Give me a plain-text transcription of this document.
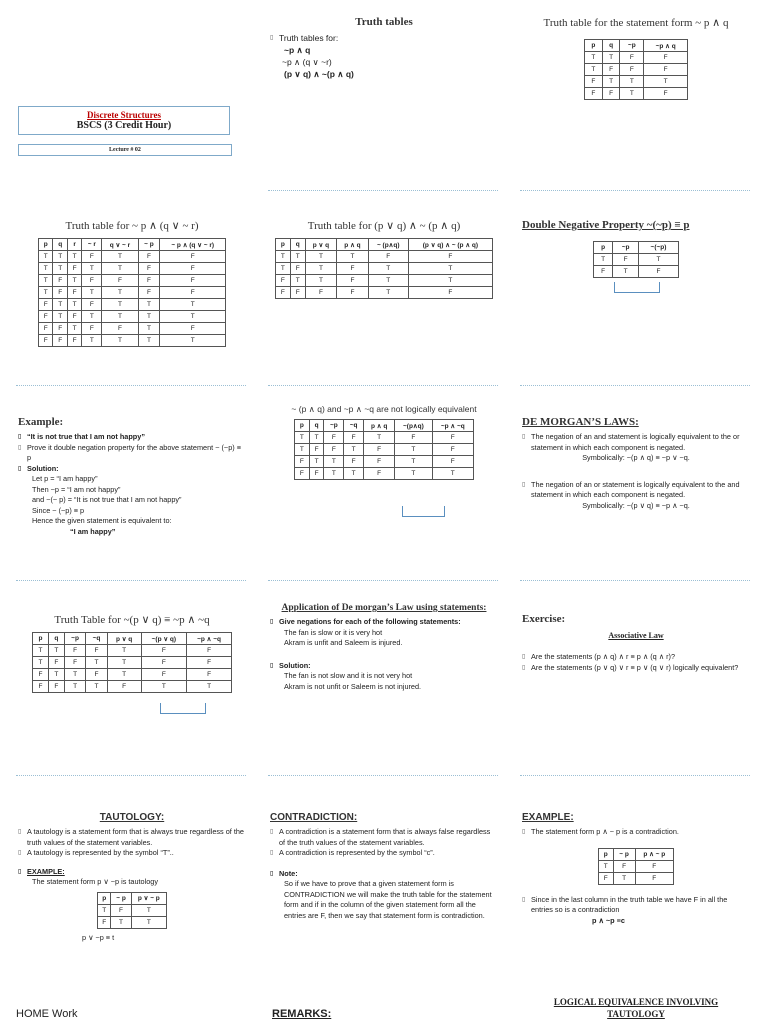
Discrete Structures
BSCS (3 Credit Hour)
Lecture # 02
Truth tables
▯ Truth tables for:
~p ∧ q
~p ∧ (q ∨ ~r)
(p ∨ q) ∧ ~(p ∧ q)
Truth table for the statement form ~ p ∧ q
p	q	~p	~p ∧ q
T	T	F	F
T	F	F	F
F	T	T	T
F	F	T	F
Truth table for ~ p ∧ (q ∨ ~ r)
p	q	r	~ r	q ∨ ~ r	~ p	~ p ∧ (q ∨ ~ r)
T	T	T	F	T	F	F
T	T	F	T	T	F	F
T	F	T	F	F	F	F
T	F	F	T	T	F	F
F	T	T	F	T	T	T
F	T	F	T	T	T	T
F	F	T	F	F	T	F
F	F	F	T	T	T	T
Truth table for (p ∨ q) ∧ ~ (p ∧ q)
p	q	p ∨ q	p ∧ q	~ (p∧q)	(p ∨ q) ∧ ~ (p ∧ q)
T	T	T	T	F	F
T	F	T	F	T	T
F	T	T	F	T	T
F	F	F	F	T	F
Double Negative Property ~(~p) ≡ p
p	~p	~(~p)
T	F	T
F	T	F
Example:
▯ “It is not true that I am not happy”
▯ Prove it double negation property for the above statement ~ (~p) ≡ p
▯ Solution:
Let p = “I am happy”
Then ~p = “I am not happy”
and ~(~ p) = “It is not true that I am not happy”
Since ~ (~p) ≡ p
Hence the given statement is equivalent to:
“I am happy”
~ (p ∧ q) and ~p ∧ ~q are not logically equivalent
p	q	~p	~q	p ∧ q	~(p∧q)	~p ∧ ~q
T	T	F	F	T	F	F
T	F	F	T	F	T	F
F	T	T	F	F	T	F
F	F	T	T	F	T	T
DE MORGAN’S LAWS:
▯ The negation of an and statement is logically equivalent to the or statement in which each component is negated.
Symbolically: ~(p ∧ q) ≡ ~p ∨ ~q.
▯ The negation of an or statement is logically equivalent to the and statement in which each component is negated.
Symbolically: ~(p ∨ q) ≡ ~p ∧ ~q.
Truth Table for ~(p ∨ q) ≡ ~p ∧ ~q
p	q	~p	~q	p ∨ q	~(p ∨ q)	~p ∧ ~q
T	T	F	F	T	F	F
T	F	F	T	T	F	F
F	T	T	F	T	F	F
F	F	T	T	F	T	T
Application of De morgan’s Law using statements:
▯ Give negations for each of the following statements:
The fan is slow or it is very hot
Akram is unfit and Saleem is injured.
▯ Solution:
The fan is not slow and it is not very hot
Akram is not unfit or Saleem is not injured.
Exercise:
Associative Law
▯ Are the statements (p ∧ q) ∧ r ≡ p ∧ (q ∧ r)?
▯ Are the statements (p ∨ q) ∨ r ≡ p ∨ (q ∨ r) logically equivalent?
TAUTOLOGY:
▯ A tautology is a statement form that is always true regardless of the truth values of the statement variables.
▯ A tautology is represented by the symbol “T”..
▯ EXAMPLE:
The statement form p ∨ ~p is tautology
p	~ p	p ∨ ~ p
T	F	T
F	T	T
p ∨ ~p ≡ t
CONTRADICTION:
▯ A contradiction is a statement form that is always false regardless of the truth values of the statement variables.
▯ A contradiction is represented by the symbol “c”.
▯ Note:
So if we have to prove that a given statement form is CONTRADICTION we will make the truth table for the statement form and if in the column of the given statement form all the entries are F, then we say that statement form is contradiction.
EXAMPLE:
▯ The statement form p ∧ ~ p is a contradiction.
p	~ p	p ∧ ~ p
T	F	F
F	T	F
▯ Since in the last column in the truth table we have F in all the entries so is a contradiction
p ∧ ~p ≡c
HOME Work	REMARKS:
LOGICAL EQUIVALENCE INVOLVING TAUTOLOGY
